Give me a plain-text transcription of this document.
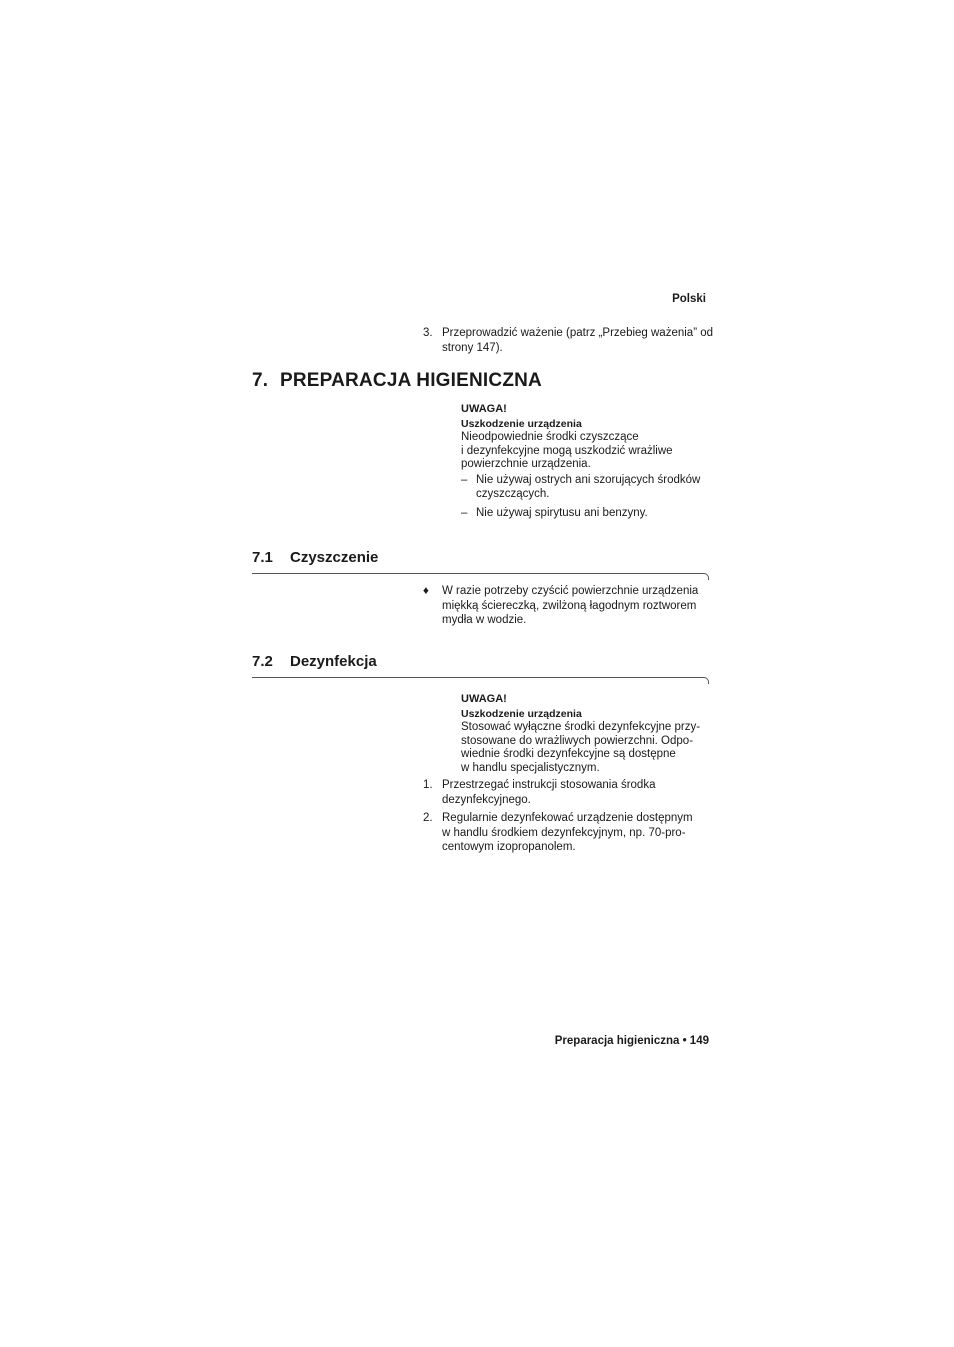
Polski
3. Przeprowadzić ważenie (patrz „Przebieg ważenia” od strony 147).
7. PREPARACJA HIGIENICZNA
UWAGA!
Uszkodzenie urządzenia
Nieodpowiednie środki czyszczące
i dezynfekcyjne mogą uszkodzić wrażliwe
powierzchnie urządzenia.
– Nie używaj ostrych ani szorujących środków czyszczących.
– Nie używaj spirytusu ani benzyny.
7.1 Czyszczenie
♦ W razie potrzeby czyścić powierzchnie urządzenia
miękką ściereczką, zwilżoną łagodnym roztworem
mydła w wodzie.
7.2 Dezynfekcja
UWAGA!
Uszkodzenie urządzenia
Stosować wyłączne środki dezynfekcyjne przy-
stosowane do wrażliwych powierzchni. Odpo-
wiednie środki dezynfekcyjne są dostępne
w handlu specjalistycznym.
1. Przestrzegać instrukcji stosowania środka
dezynfekcyjnego.
2. Regularnie dezynfekować urządzenie dostępnym
w handlu środkiem dezynfekcyjnym, np. 70-pro-
centowym izopropanolem.
Preparacja higieniczna • 149
